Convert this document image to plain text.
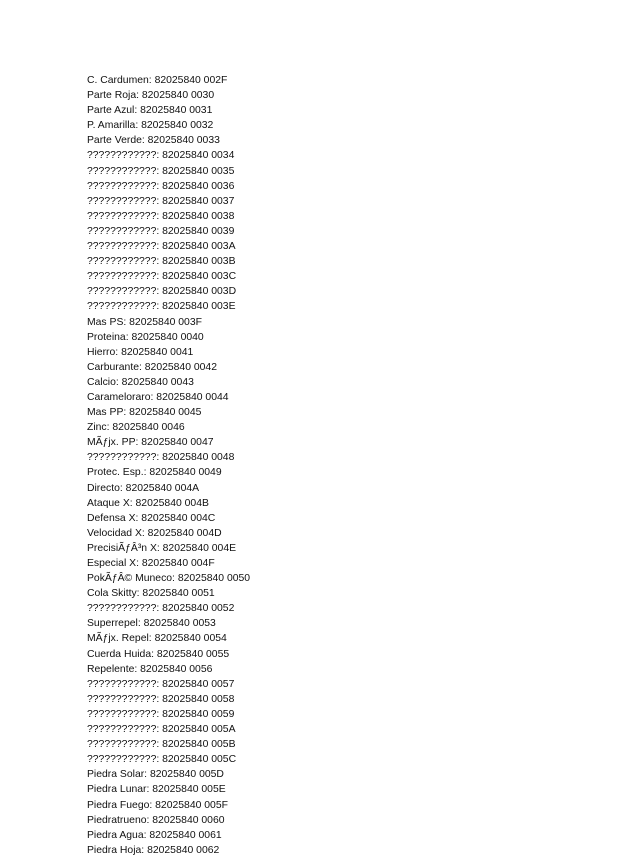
C. Cardumen: 82025840 002F
Parte Roja: 82025840 0030
Parte Azul: 82025840 0031
P. Amarilla: 82025840 0032
Parte Verde: 82025840 0033
????????????: 82025840 0034
????????????: 82025840 0035
????????????: 82025840 0036
????????????: 82025840 0037
????????????: 82025840 0038
????????????: 82025840 0039
????????????: 82025840 003A
????????????: 82025840 003B
????????????: 82025840 003C
????????????: 82025840 003D
????????????: 82025840 003E
Mas PS: 82025840 003F
Proteina: 82025840 0040
Hierro: 82025840 0041
Carburante: 82025840 0042
Calcio: 82025840 0043
Carameloraro: 82025840 0044
Mas PP: 82025840 0045
Zinc: 82025840 0046
MÃƒjx. PP: 82025840 0047
????????????: 82025840 0048
Protec. Esp.: 82025840 0049
Directo: 82025840 004A
Ataque X: 82025840 004B
Defensa X: 82025840 004C
Velocidad X: 82025840 004D
PrecisiÃƒÂ³n X: 82025840 004E
Especial X: 82025840 004F
PokÃƒÂ© Muneco: 82025840 0050
Cola Skitty: 82025840 0051
????????????: 82025840 0052
Superrepel: 82025840 0053
MÃƒjx. Repel: 82025840 0054
Cuerda Huida: 82025840 0055
Repelente: 82025840 0056
????????????: 82025840 0057
????????????: 82025840 0058
????????????: 82025840 0059
????????????: 82025840 005A
????????????: 82025840 005B
????????????: 82025840 005C
Piedra Solar: 82025840 005D
Piedra Lunar: 82025840 005E
Piedra Fuego: 82025840 005F
Piedratrueno: 82025840 0060
Piedra Agua: 82025840 0061
Piedra Hoja: 82025840 0062
